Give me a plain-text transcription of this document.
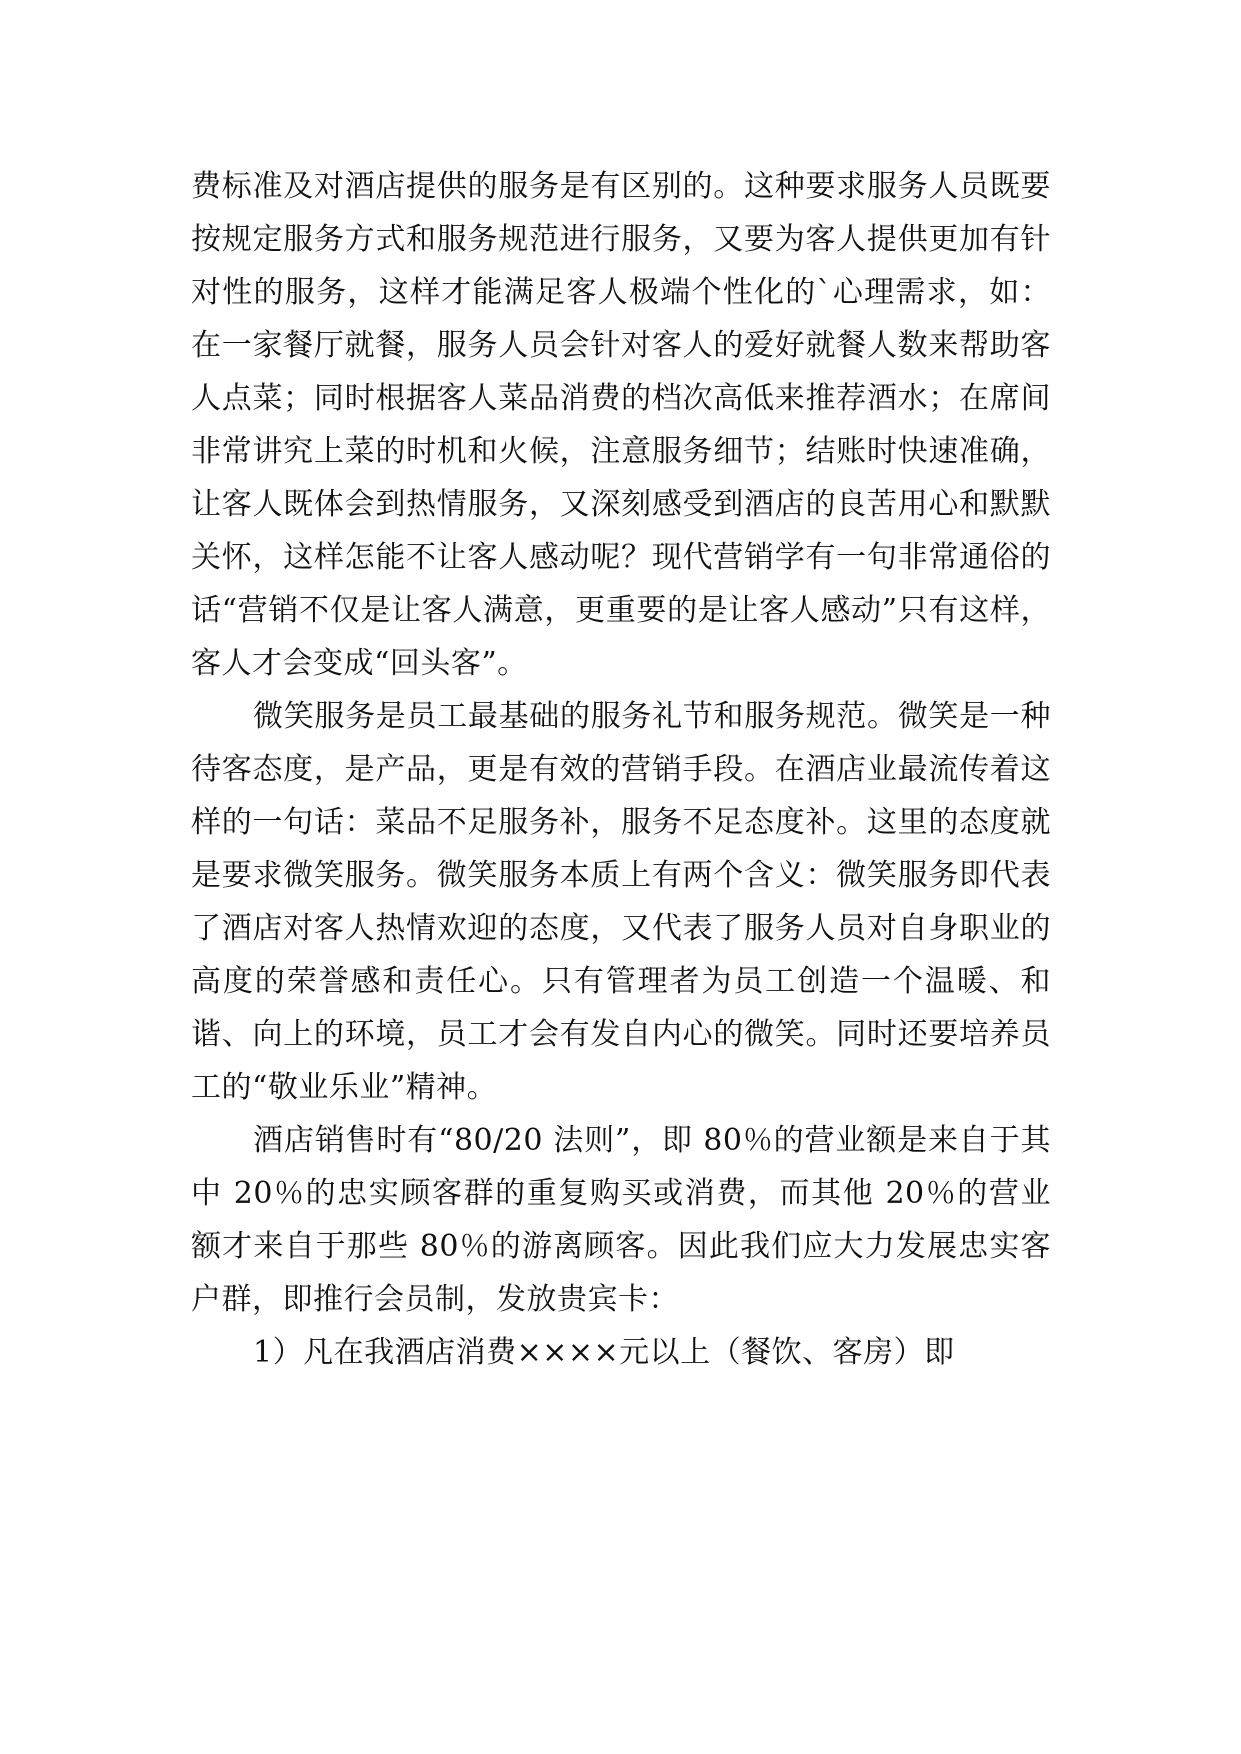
费标准及对酒店提供的服务是有区别的。这种要求服务人员既要按规定服务方式和服务规范进行服务，又要为客人提供更加有针对性的服务，这样才能满足客人极端个性化的`心理需求，如：在一家餐厅就餐，服务人员会针对客人的爱好就餐人数来帮助客人点菜；同时根据客人菜品消费的档次高低来推荐酒水；在席间非常讲究上菜的时机和火候，注意服务细节；结账时快速准确，让客人既体会到热情服务，又深刻感受到酒店的良苦用心和默默关怀，这样怎能不让客人感动呢？现代营销学有一句非常通俗的话“营销不仅是让客人满意，更重要的是让客人感动”只有这样，客人才会变成“回头客”。

微笑服务是员工最基础的服务礼节和服务规范。微笑是一种待客态度，是产品，更是有效的营销手段。在酒店业最流传着这样的一句话：菜品不足服务补，服务不足态度补。这里的态度就是要求微笑服务。微笑服务本质上有两个含义：微笑服务即代表了酒店对客人热情欢迎的态度，又代表了服务人员对自身职业的高度的荣誉感和责任心。只有管理者为员工创造一个温暖、和谐、向上的环境，员工才会有发自内心的微笑。同时还要培养员工的“敬业乐业”精神。

酒店销售时有“80/20 法则”，即 80％的营业额是来自于其中 20％的忠实顾客群的重复购买或消费，而其他 20％的营业额才来自于那些 80％的游离顾客。因此我们应大力发展忠实客户群，即推行会员制，发放贵宾卡：

1）凡在我酒店消费××××元以上（餐饮、客房）即
